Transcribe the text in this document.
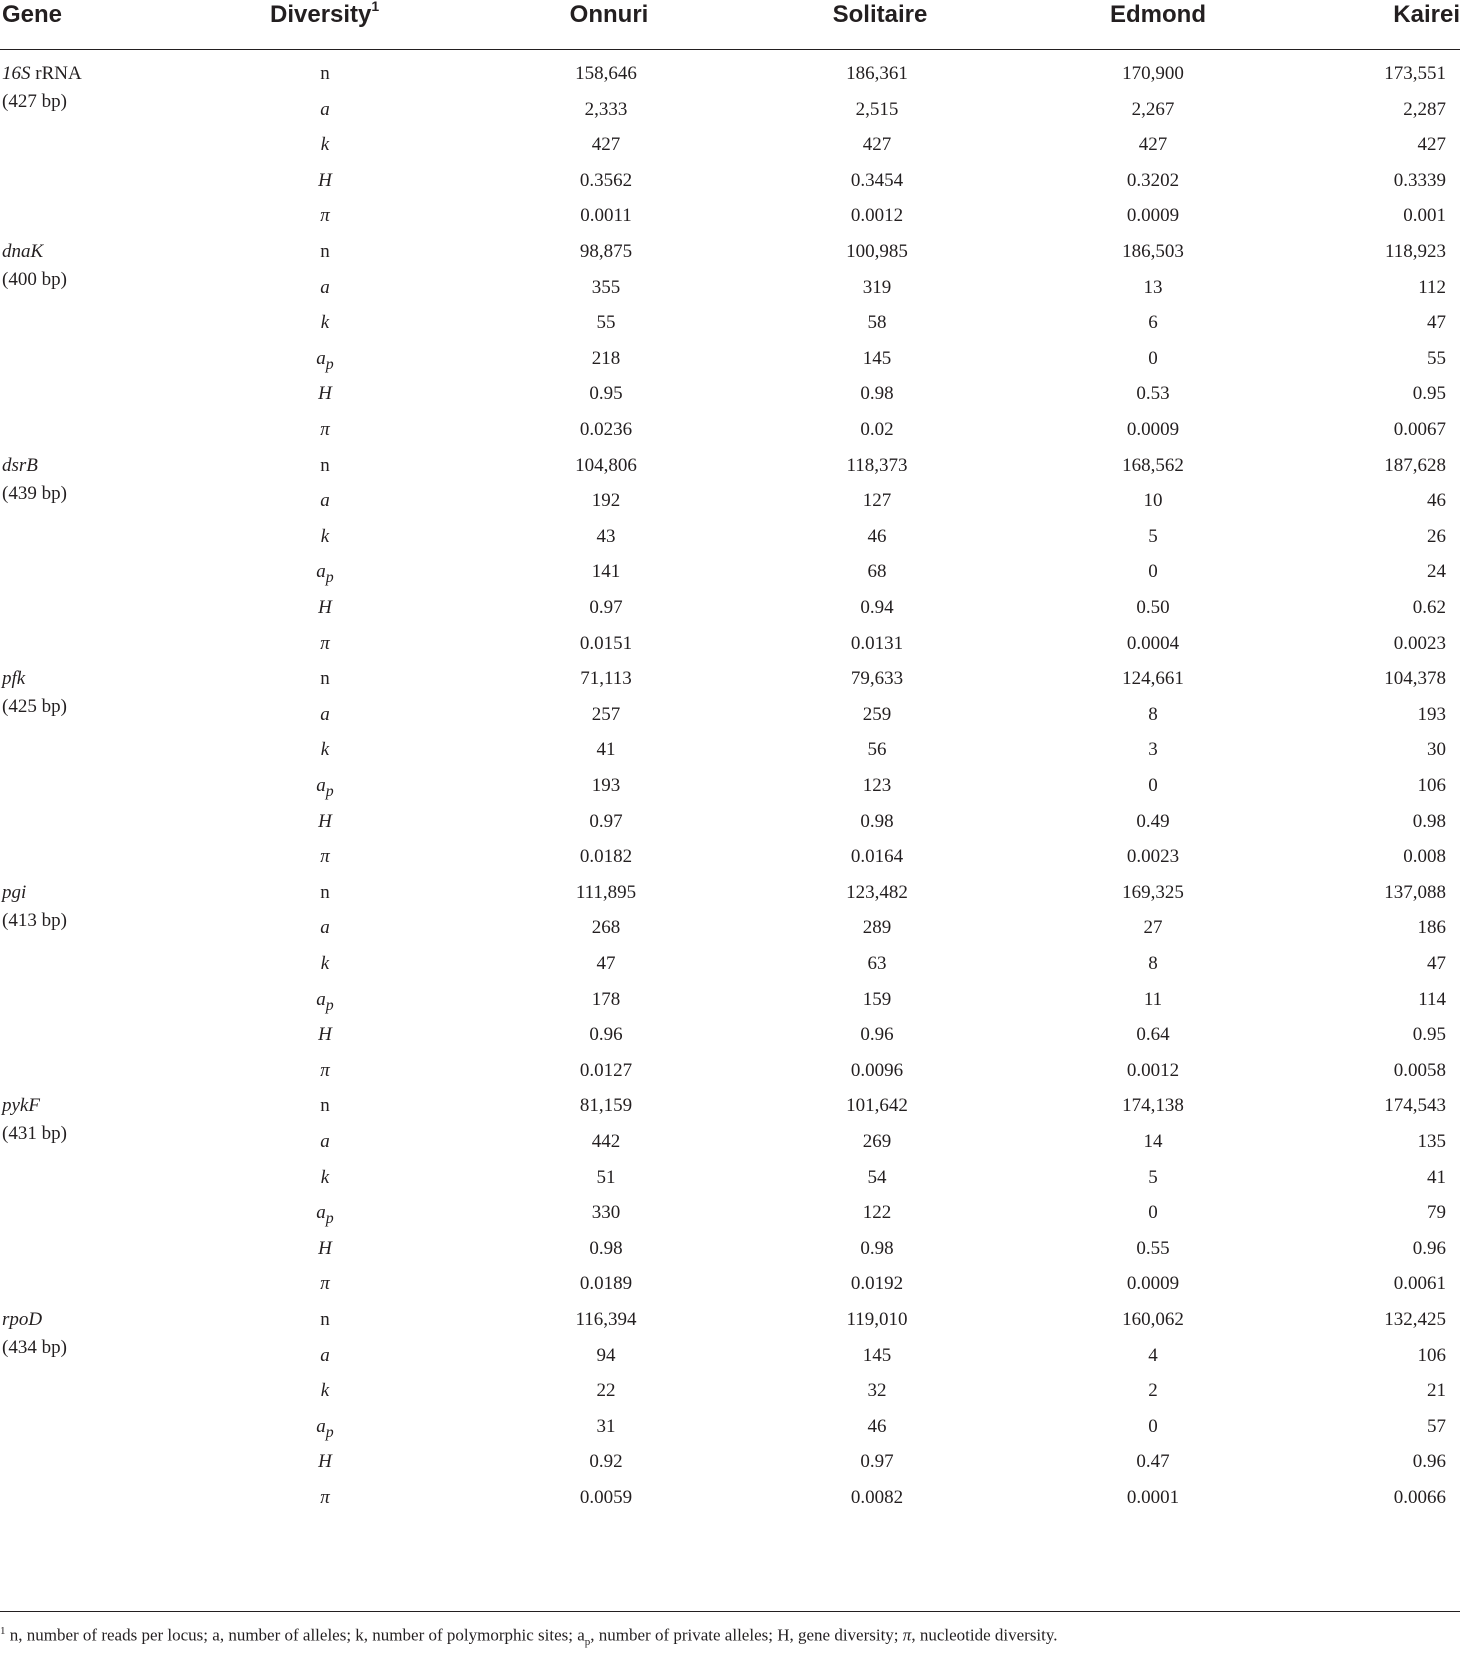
Gene	Diversity$^1$	Onnuri	Solitaire	Edmond	Kairei
16S rRNA
(427 bp)
n	158,646	186,361	170,900	173,551
a	2,333	2,515	2,267	2,287
k	427	427	427	427
H	0.3562	0.3454	0.3202	0.3339
π	0.0011	0.0012	0.0009	0.001
dnaK
(400 bp)
n	98,875	100,985	186,503	118,923
a	355	319	13	112
k	55	58	6	47
$a_p$	218	145	0	55
H	0.95	0.98	0.53	0.95
π	0.0236	0.02	0.0009	0.0067
dsrB
(439 bp)
n	104,806	118,373	168,562	187,628
a	192	127	10	46
k	43	46	5	26
$a_p$	141	68	0	24
H	0.97	0.94	0.50	0.62
π	0.0151	0.0131	0.0004	0.0023
pfk
(425 bp)
n	71,113	79,633	124,661	104,378
a	257	259	8	193
k	41	56	3	30
$a_p$	193	123	0	106
H	0.97	0.98	0.49	0.98
π	0.0182	0.0164	0.0023	0.008
pgi
(413 bp)
n	111,895	123,482	169,325	137,088
a	268	289	27	186
k	47	63	8	47
$a_p$	178	159	11	114
H	0.96	0.96	0.64	0.95
π	0.0127	0.0096	0.0012	0.0058
pykF
(431 bp)
n	81,159	101,642	174,138	174,543
a	442	269	14	135
k	51	54	5	41
$a_p$	330	122	0	79
H	0.98	0.98	0.55	0.96
π	0.0189	0.0192	0.0009	0.0061
rpoD
(434 bp)
n	116,394	119,010	160,062	132,425
a	94	145	4	106
k	22	32	2	21
$a_p$	31	46	0	57
H	0.92	0.97	0.47	0.96
π	0.0059	0.0082	0.0001	0.0066
$^1$ n, number of reads per locus; a, number of alleles; k, number of polymorphic sites; $a_p$, number of private alleles; H, gene diversity; π, nucleotide diversity.
